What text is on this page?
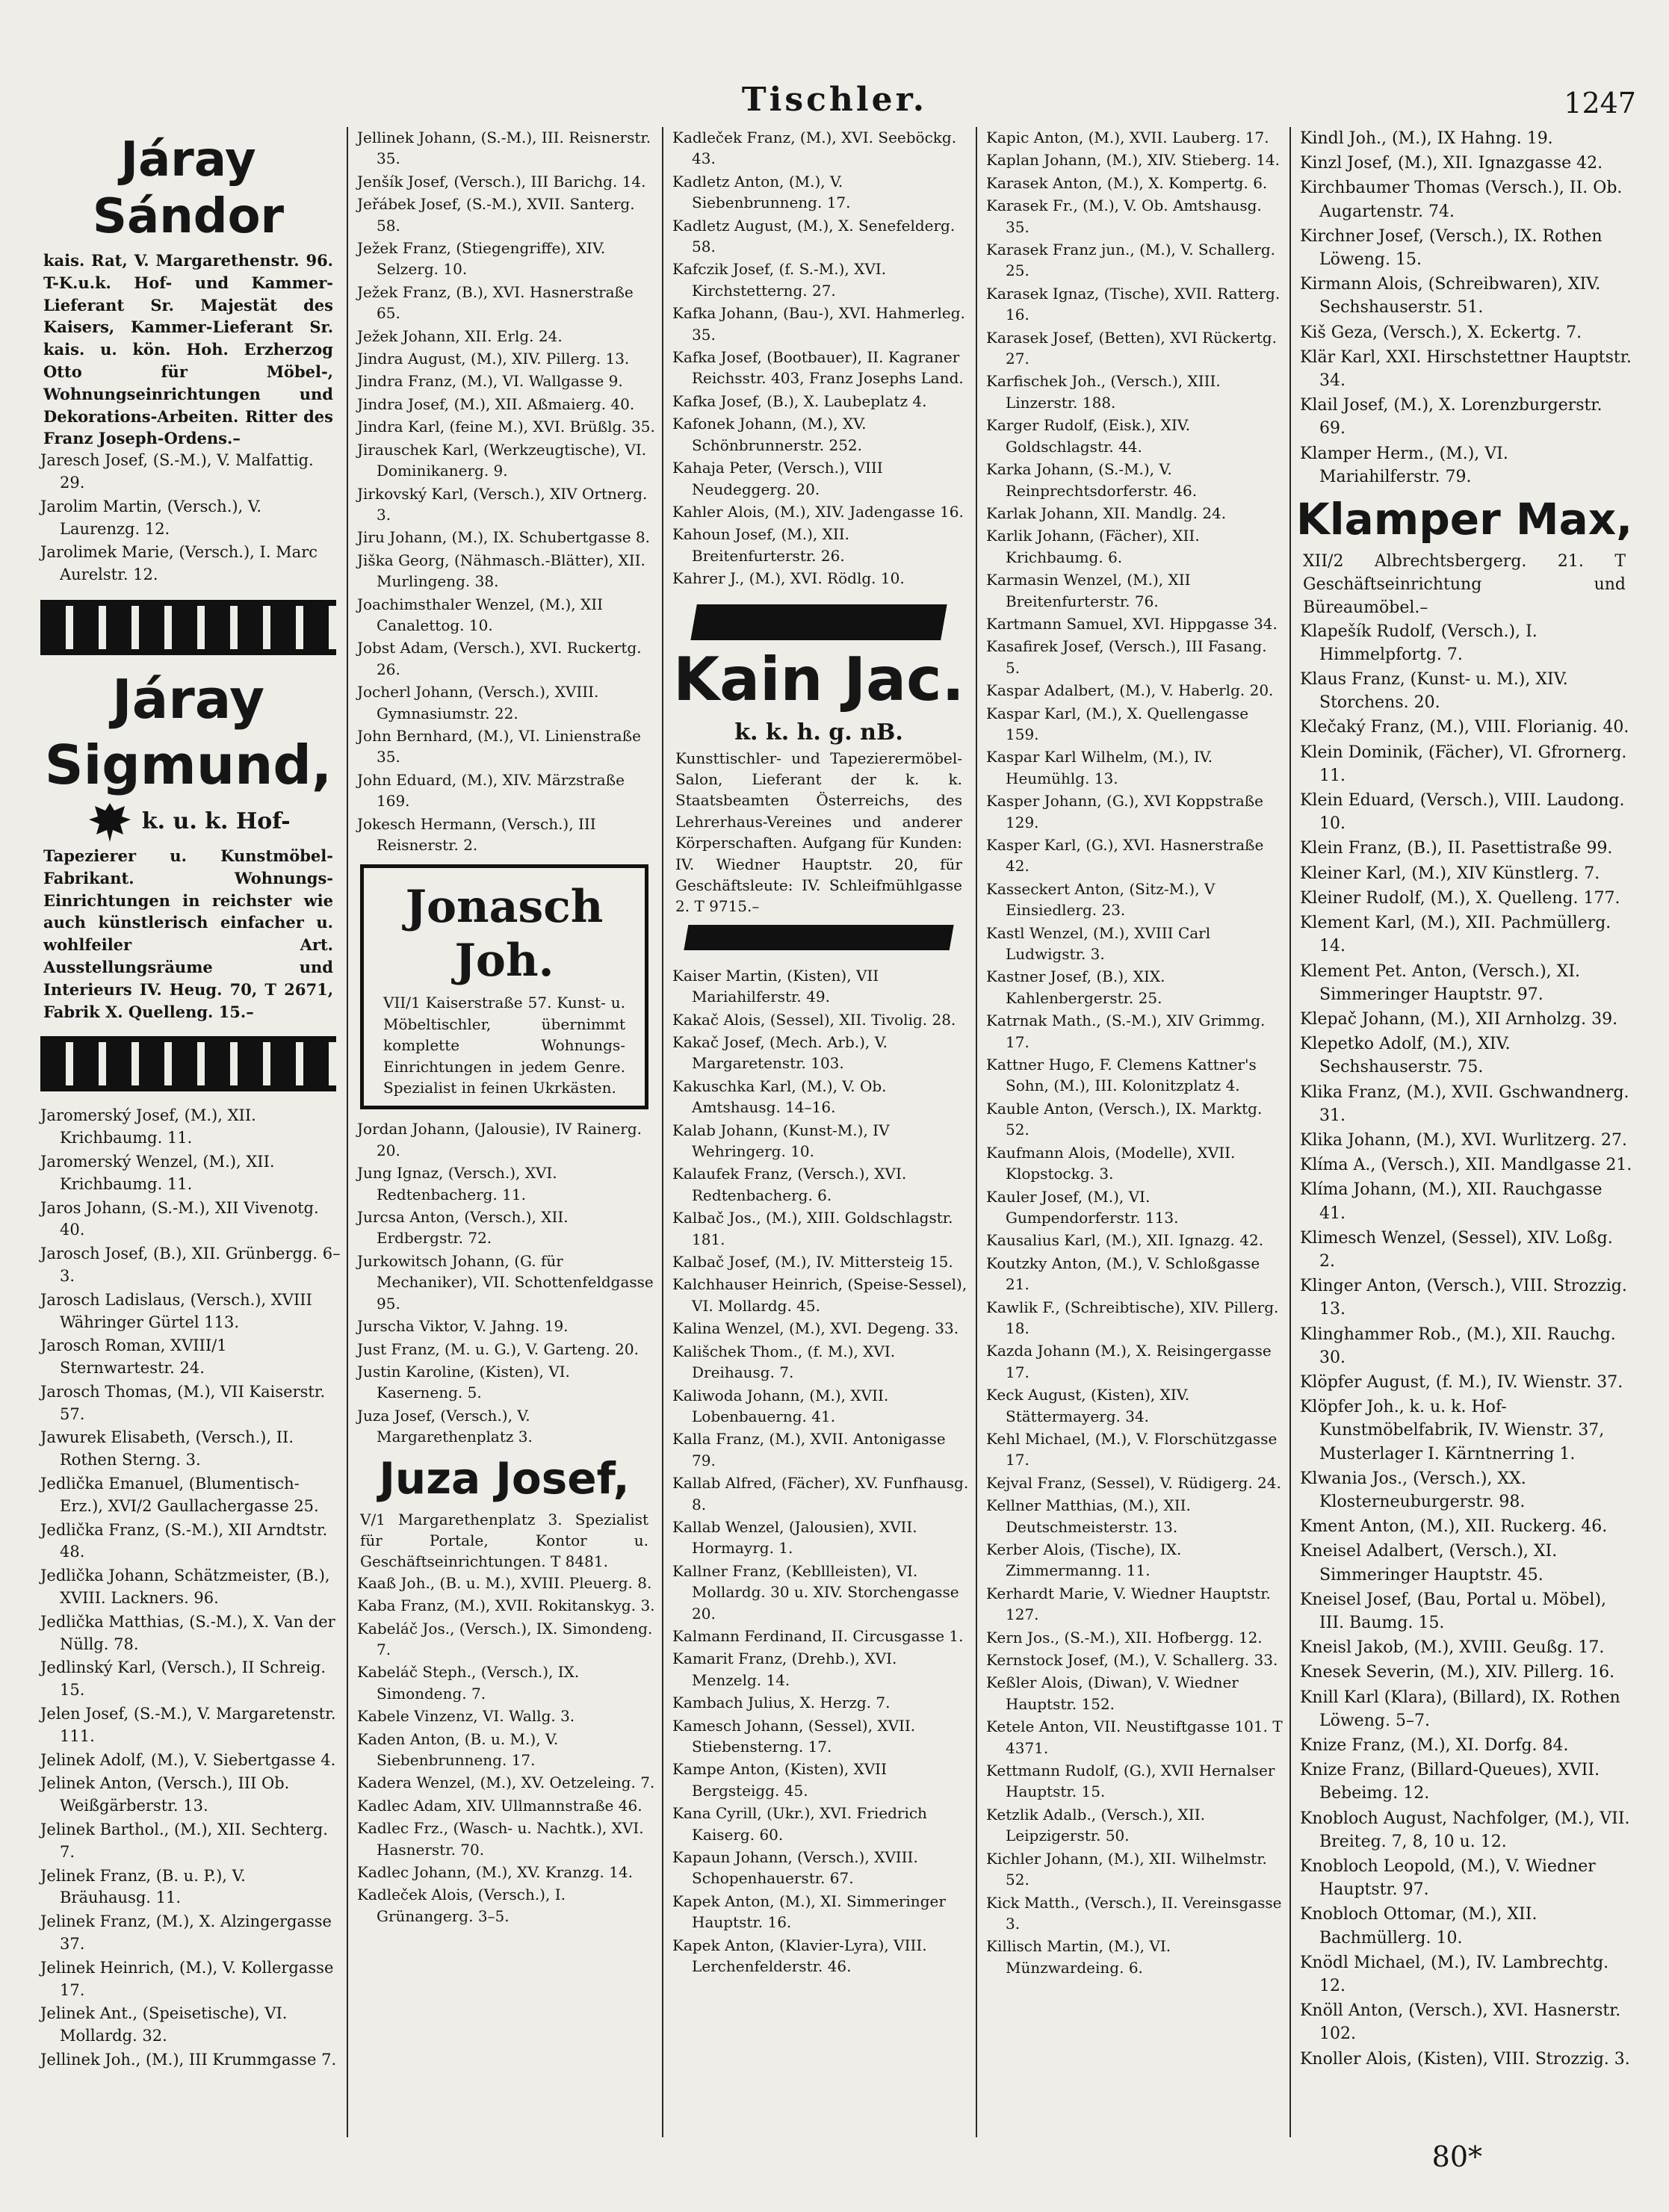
Tischler.	1247
Járay Sándor
kais. Rat, V. Margarethenstr. 96. T-K.u.k. Hof- und Kammer-Lieferant Sr. Majestät des Kaisers, Kammer-Lieferant Sr. kais. u. kön. Hoh. Erzherzog Otto für Möbel-, Wohnungseinrichtungen und Dekorations-Arbeiten. Ritter des Franz Joseph-Ordens.–
Jaresch Josef, (S.-M.), V. Malfattig. 29.
Jarolim Martin, (Versch.), V. Laurenzg. 12.
Jarolimek Marie, (Versch.), I. Marc Aurelstr. 12.
Járay
Sigmund,
k. u. k. Hof-
Tapezierer u. Kunstmöbel-Fabrikant. Wohnungs-Einrichtungen in reichster wie auch künstlerisch einfacher u. wohlfeiler Art. Ausstellungsräume und Interieurs IV. Heug. 70, T 2671, Fabrik X. Quelleng. 15.–
Jaromerský Josef, (M.), XII. Krichbaumg. 11.
Jaromerský Wenzel, (M.), XII. Krichbaumg. 11.
Jaros Johann, (S.-M.), XII Vivenotg. 40.
Jarosch Josef, (B.), XII. Grünbergg. 6–3.
Jarosch Ladislaus, (Versch.), XVIII Währinger Gürtel 113.
Jarosch Roman, XVIII/1 Sternwartestr. 24.
Jarosch Thomas, (M.), VII Kaiserstr. 57.
Jawurek Elisabeth, (Versch.), II. Rothen Sterng. 3.
Jedlička Emanuel, (Blumentisch-Erz.), XVI/2 Gaullachergasse 25.
Jedlička Franz, (S.-M.), XII Arndtstr. 48.
Jedlička Johann, Schätzmeister, (B.), XVIII. Lackners. 96.
Jedlička Matthias, (S.-M.), X. Van der Nüllg. 78.
Jedlinský Karl, (Versch.), II Schreig. 15.
Jelen Josef, (S.-M.), V. Margaretenstr. 111.
Jelinek Adolf, (M.), V. Siebertgasse 4.
Jelinek Anton, (Versch.), III Ob. Weißgärberstr. 13.
Jelinek Barthol., (M.), XII. Sechterg. 7.
Jelinek Franz, (B. u. P.), V. Bräuhausg. 11.
Jelinek Franz, (M.), X. Alzingergasse 37.
Jelinek Heinrich, (M.), V. Kollergasse 17.
Jelinek Ant., (Speisetische), VI. Mollardg. 32.
Jellinek Joh., (M.), III Krummgasse 7.
Jellinek Johann, (S.-M.), III. Reisnerstr. 35.
Jenšík Josef, (Versch.), III Barichg. 14.
Jeřábek Josef, (S.-M.), XVII. Santerg. 58.
Ježek Franz, (Stiegengriffe), XIV. Selzerg. 10.
Ježek Franz, (B.), XVI. Hasnerstraße 65.
Ježek Johann, XII. Erlg. 24.
Jindra August, (M.), XIV. Pillerg. 13.
Jindra Franz, (M.), VI. Wallgasse 9.
Jindra Josef, (M.), XII. Aßmaierg. 40.
Jindra Karl, (feine M.), XVI. Brüßlg. 35.
Jirauschek Karl, (Werkzeugtische), VI. Dominikanerg. 9.
Jirkovský Karl, (Versch.), XIV Ortnerg. 3.
Jiru Johann, (M.), IX. Schubertgasse 8.
Jiška Georg, (Nähmasch.-Blätter), XII. Murlingeng. 38.
Joachimsthaler Wenzel, (M.), XII Canalettog. 10.
Jobst Adam, (Versch.), XVI. Ruckertg. 26.
Jocherl Johann, (Versch.), XVIII. Gymnasiumstr. 22.
John Bernhard, (M.), VI. Linienstraße 35.
John Eduard, (M.), XIV. Märzstraße 169.
Jokesch Hermann, (Versch.), III Reisnerstr. 2.
Jonasch Joh.
VII/1 Kaiserstraße 57. Kunst- u. Möbeltischler, übernimmt komplette Wohnungs-Einrichtungen in jedem Genre. Spezialist in feinen Ukrkästen.
Jordan Johann, (Jalousie), IV Rainerg. 20.
Jung Ignaz, (Versch.), XVI. Redtenbacherg. 11.
Jurcsa Anton, (Versch.), XII. Erdbergstr. 72.
Jurkowitsch Johann, (G. für Mechaniker), VII. Schottenfeldgasse 95.
Jurscha Viktor, V. Jahng. 19.
Just Franz, (M. u. G.), V. Garteng. 20.
Justin Karoline, (Kisten), VI. Kaserneng. 5.
Juza Josef, (Versch.), V. Margarethenplatz 3.
Juza Josef,
V/1 Margarethenplatz 3. Spezialist für Portale, Kontor u. Geschäftseinrichtungen. T 8481.
Kaaß Joh., (B. u. M.), XVIII. Pleuerg. 8.
Kaba Franz, (M.), XVII. Rokitanskyg. 3.
Kabeláč Jos., (Versch.), IX. Simondeng. 7.
Kabeláč Steph., (Versch.), IX. Simondeng. 7.
Kabele Vinzenz, VI. Wallg. 3.
Kaden Anton, (B. u. M.), V. Siebenbrunneng. 17.
Kadera Wenzel, (M.), XV. Oetzeleing. 7.
Kadlec Adam, XIV. Ullmannstraße 46.
Kadlec Frz., (Wasch- u. Nachtk.), XVI. Hasnerstr. 70.
Kadlec Johann, (M.), XV. Kranzg. 14.
Kadleček Alois, (Versch.), I. Grünangerg. 3–5.
Kadleček Franz, (M.), XVI. Seeböckg. 43.
Kadletz Anton, (M.), V. Siebenbrunneng. 17.
Kadletz August, (M.), X. Senefelderg. 58.
Kafczik Josef, (f. S.-M.), XVI. Kirchstetterng. 27.
Kafka Johann, (Bau-), XVI. Hahmerleg. 35.
Kafka Josef, (Bootbauer), II. Kagraner Reichsstr. 403, Franz Josephs Land.
Kafka Josef, (B.), X. Laubeplatz 4.
Kafonek Johann, (M.), XV. Schönbrunnerstr. 252.
Kahaja Peter, (Versch.), VIII Neudeggerg. 20.
Kahler Alois, (M.), XIV. Jadengasse 16.
Kahoun Josef, (M.), XII. Breitenfurterstr. 26.
Kahrer J., (M.), XVI. Rödlg. 10.
Kain Jac.
k. k. h. g. nB.
Kunsttischler- und Tapezierermöbel-Salon, Lieferant der k. k. Staatsbeamten Österreichs, des Lehrerhaus-Vereines und anderer Körperschaften. Aufgang für Kunden: IV. Wiedner Hauptstr. 20, für Geschäftsleute: IV. Schleifmühlgasse 2. T 9715.–
Kaiser Martin, (Kisten), VII Mariahilferstr. 49.
Kakač Alois, (Sessel), XII. Tivolig. 28.
Kakač Josef, (Mech. Arb.), V. Margaretenstr. 103.
Kakuschka Karl, (M.), V. Ob. Amtshausg. 14–16.
Kalab Johann, (Kunst-M.), IV Wehringerg. 10.
Kalaufek Franz, (Versch.), XVI. Redtenbacherg. 6.
Kalbač Jos., (M.), XIII. Goldschlagstr. 181.
Kalbač Josef, (M.), IV. Mittersteig 15.
Kalchhauser Heinrich, (Speise-Sessel), VI. Mollardg. 45.
Kalina Wenzel, (M.), XVI. Degeng. 33.
Kališchek Thom., (f. M.), XVI. Dreihausg. 7.
Kaliwoda Johann, (M.), XVII. Lobenbauerng. 41.
Kalla Franz, (M.), XVII. Antonigasse 79.
Kallab Alfred, (Fächer), XV. Funfhausg. 8.
Kallab Wenzel, (Jalousien), XVII. Hormayrg. 1.
Kallner Franz, (Kebllleisten), VI. Mollardg. 30 u. XIV. Storchengasse 20.
Kalmann Ferdinand, II. Circusgasse 1.
Kamarit Franz, (Drehb.), XVI. Menzelg. 14.
Kambach Julius, X. Herzg. 7.
Kamesch Johann, (Sessel), XVII. Stiebensterng. 17.
Kampe Anton, (Kisten), XVII Bergsteigg. 45.
Kana Cyrill, (Ukr.), XVI. Friedrich Kaiserg. 60.
Kapaun Johann, (Versch.), XVIII. Schopenhauerstr. 67.
Kapek Anton, (M.), XI. Simmeringer Hauptstr. 16.
Kapek Anton, (Klavier-Lyra), VIII. Lerchenfelderstr. 46.
Kapic Anton, (M.), XVII. Lauberg. 17.
Kaplan Johann, (M.), XIV. Stieberg. 14.
Karasek Anton, (M.), X. Kompertg. 6.
Karasek Fr., (M.), V. Ob. Amtshausg. 35.
Karasek Franz jun., (M.), V. Schallerg. 25.
Karasek Ignaz, (Tische), XVII. Ratterg. 16.
Karasek Josef, (Betten), XVI Rückertg. 27.
Karfischek Joh., (Versch.), XIII. Linzerstr. 188.
Karger Rudolf, (Eisk.), XIV. Goldschlagstr. 44.
Karka Johann, (S.-M.), V. Reinprechtsdorferstr. 46.
Karlak Johann, XII. Mandlg. 24.
Karlik Johann, (Fächer), XII. Krichbaumg. 6.
Karmasin Wenzel, (M.), XII Breitenfurterstr. 76.
Kartmann Samuel, XVI. Hippgasse 34.
Kasafirek Josef, (Versch.), III Fasang. 5.
Kaspar Adalbert, (M.), V. Haberlg. 20.
Kaspar Karl, (M.), X. Quellengasse 159.
Kaspar Karl Wilhelm, (M.), IV. Heumühlg. 13.
Kasper Johann, (G.), XVI Koppstraße 129.
Kasper Karl, (G.), XVI. Hasnerstraße 42.
Kasseckert Anton, (Sitz-M.), V Einsiedlerg. 23.
Kastl Wenzel, (M.), XVIII Carl Ludwigstr. 3.
Kastner Josef, (B.), XIX. Kahlenbergerstr. 25.
Katrnak Math., (S.-M.), XIV Grimmg. 17.
Kattner Hugo, F. Clemens Kattner's Sohn, (M.), III. Kolonitzplatz 4.
Kauble Anton, (Versch.), IX. Marktg. 52.
Kaufmann Alois, (Modelle), XVII. Klopstockg. 3.
Kauler Josef, (M.), VI. Gumpendorferstr. 113.
Kausalius Karl, (M.), XII. Ignazg. 42.
Koutzky Anton, (M.), V. Schloßgasse 21.
Kawlik F., (Schreibtische), XIV. Pillerg. 18.
Kazda Johann (M.), X. Reisingergasse 17.
Keck August, (Kisten), XIV. Stättermayerg. 34.
Kehl Michael, (M.), V. Florschützgasse 17.
Kejval Franz, (Sessel), V. Rüdigerg. 24.
Kellner Matthias, (M.), XII. Deutschmeisterstr. 13.
Kerber Alois, (Tische), IX. Zimmermanng. 11.
Kerhardt Marie, V. Wiedner Hauptstr. 127.
Kern Jos., (S.-M.), XII. Hofbergg. 12.
Kernstock Josef, (M.), V. Schallerg. 33.
Keßler Alois, (Diwan), V. Wiedner Hauptstr. 152.
Ketele Anton, VII. Neustiftgasse 101. T 4371.
Kettmann Rudolf, (G.), XVII Hernalser Hauptstr. 15.
Ketzlik Adalb., (Versch.), XII. Leipzigerstr. 50.
Kichler Johann, (M.), XII. Wilhelmstr. 52.
Kick Matth., (Versch.), II. Vereinsgasse 3.
Killisch Martin, (M.), VI. Münzwardeing. 6.
Kindl Joh., (M.), IX Hahng. 19.
Kinzl Josef, (M.), XII. Ignazgasse 42.
Kirchbaumer Thomas (Versch.), II. Ob. Augartenstr. 74.
Kirchner Josef, (Versch.), IX. Rothen Löweng. 15.
Kirmann Alois, (Schreibwaren), XIV. Sechshauserstr. 51.
Kiš Geza, (Versch.), X. Eckertg. 7.
Klär Karl, XXI. Hirschstettner Hauptstr. 34.
Klail Josef, (M.), X. Lorenzburgerstr. 69.
Klamper Herm., (M.), VI. Mariahilferstr. 79.
Klamper Max,
XII/2 Albrechtsbergerg. 21. T Geschäftseinrichtung und Büreaumöbel.–
Klapešík Rudolf, (Versch.), I. Himmelpfortg. 7.
Klaus Franz, (Kunst- u. M.), XIV. Storchens. 20.
Klečaký Franz, (M.), VIII. Florianig. 40.
Klein Dominik, (Fächer), VI. Gfrornerg. 11.
Klein Eduard, (Versch.), VIII. Laudong. 10.
Klein Franz, (B.), II. Pasettistraße 99.
Kleiner Karl, (M.), XIV Künstlerg. 7.
Kleiner Rudolf, (M.), X. Quelleng. 177.
Klement Karl, (M.), XII. Pachmüllerg. 14.
Klement Pet. Anton, (Versch.), XI. Simmeringer Hauptstr. 97.
Klepač Johann, (M.), XII Arnholzg. 39.
Klepetko Adolf, (M.), XIV. Sechshauserstr. 75.
Klika Franz, (M.), XVII. Gschwandnerg. 31.
Klika Johann, (M.), XVI. Wurlitzerg. 27.
Klíma A., (Versch.), XII. Mandlgasse 21.
Klíma Johann, (M.), XII. Rauchgasse 41.
Klimesch Wenzel, (Sessel), XIV. Loßg. 2.
Klinger Anton, (Versch.), VIII. Strozzig. 13.
Klinghammer Rob., (M.), XII. Rauchg. 30.
Klöpfer August, (f. M.), IV. Wienstr. 37.
Klöpfer Joh., k. u. k. Hof-Kunstmöbelfabrik, IV. Wienstr. 37, Musterlager I. Kärntnerring 1.
Klwania Jos., (Versch.), XX. Klosterneuburgerstr. 98.
Kment Anton, (M.), XII. Ruckerg. 46.
Kneisel Adalbert, (Versch.), XI. Simmeringer Hauptstr. 45.
Kneisel Josef, (Bau, Portal u. Möbel), III. Baumg. 15.
Kneisl Jakob, (M.), XVIII. Geußg. 17.
Knesek Severin, (M.), XIV. Pillerg. 16.
Knill Karl (Klara), (Billard), IX. Rothen Löweng. 5–7.
Knize Franz, (M.), XI. Dorfg. 84.
Knize Franz, (Billard-Queues), XVII. Bebeimg. 12.
Knobloch August, Nachfolger, (M.), VII. Breiteg. 7, 8, 10 u. 12.
Knobloch Leopold, (M.), V. Wiedner Hauptstr. 97.
Knobloch Ottomar, (M.), XII. Bachmüllerg. 10.
Knödl Michael, (M.), IV. Lambrechtg. 12.
Knöll Anton, (Versch.), XVI. Hasnerstr. 102.
Knoller Alois, (Kisten), VIII. Strozzig. 3.
80*
